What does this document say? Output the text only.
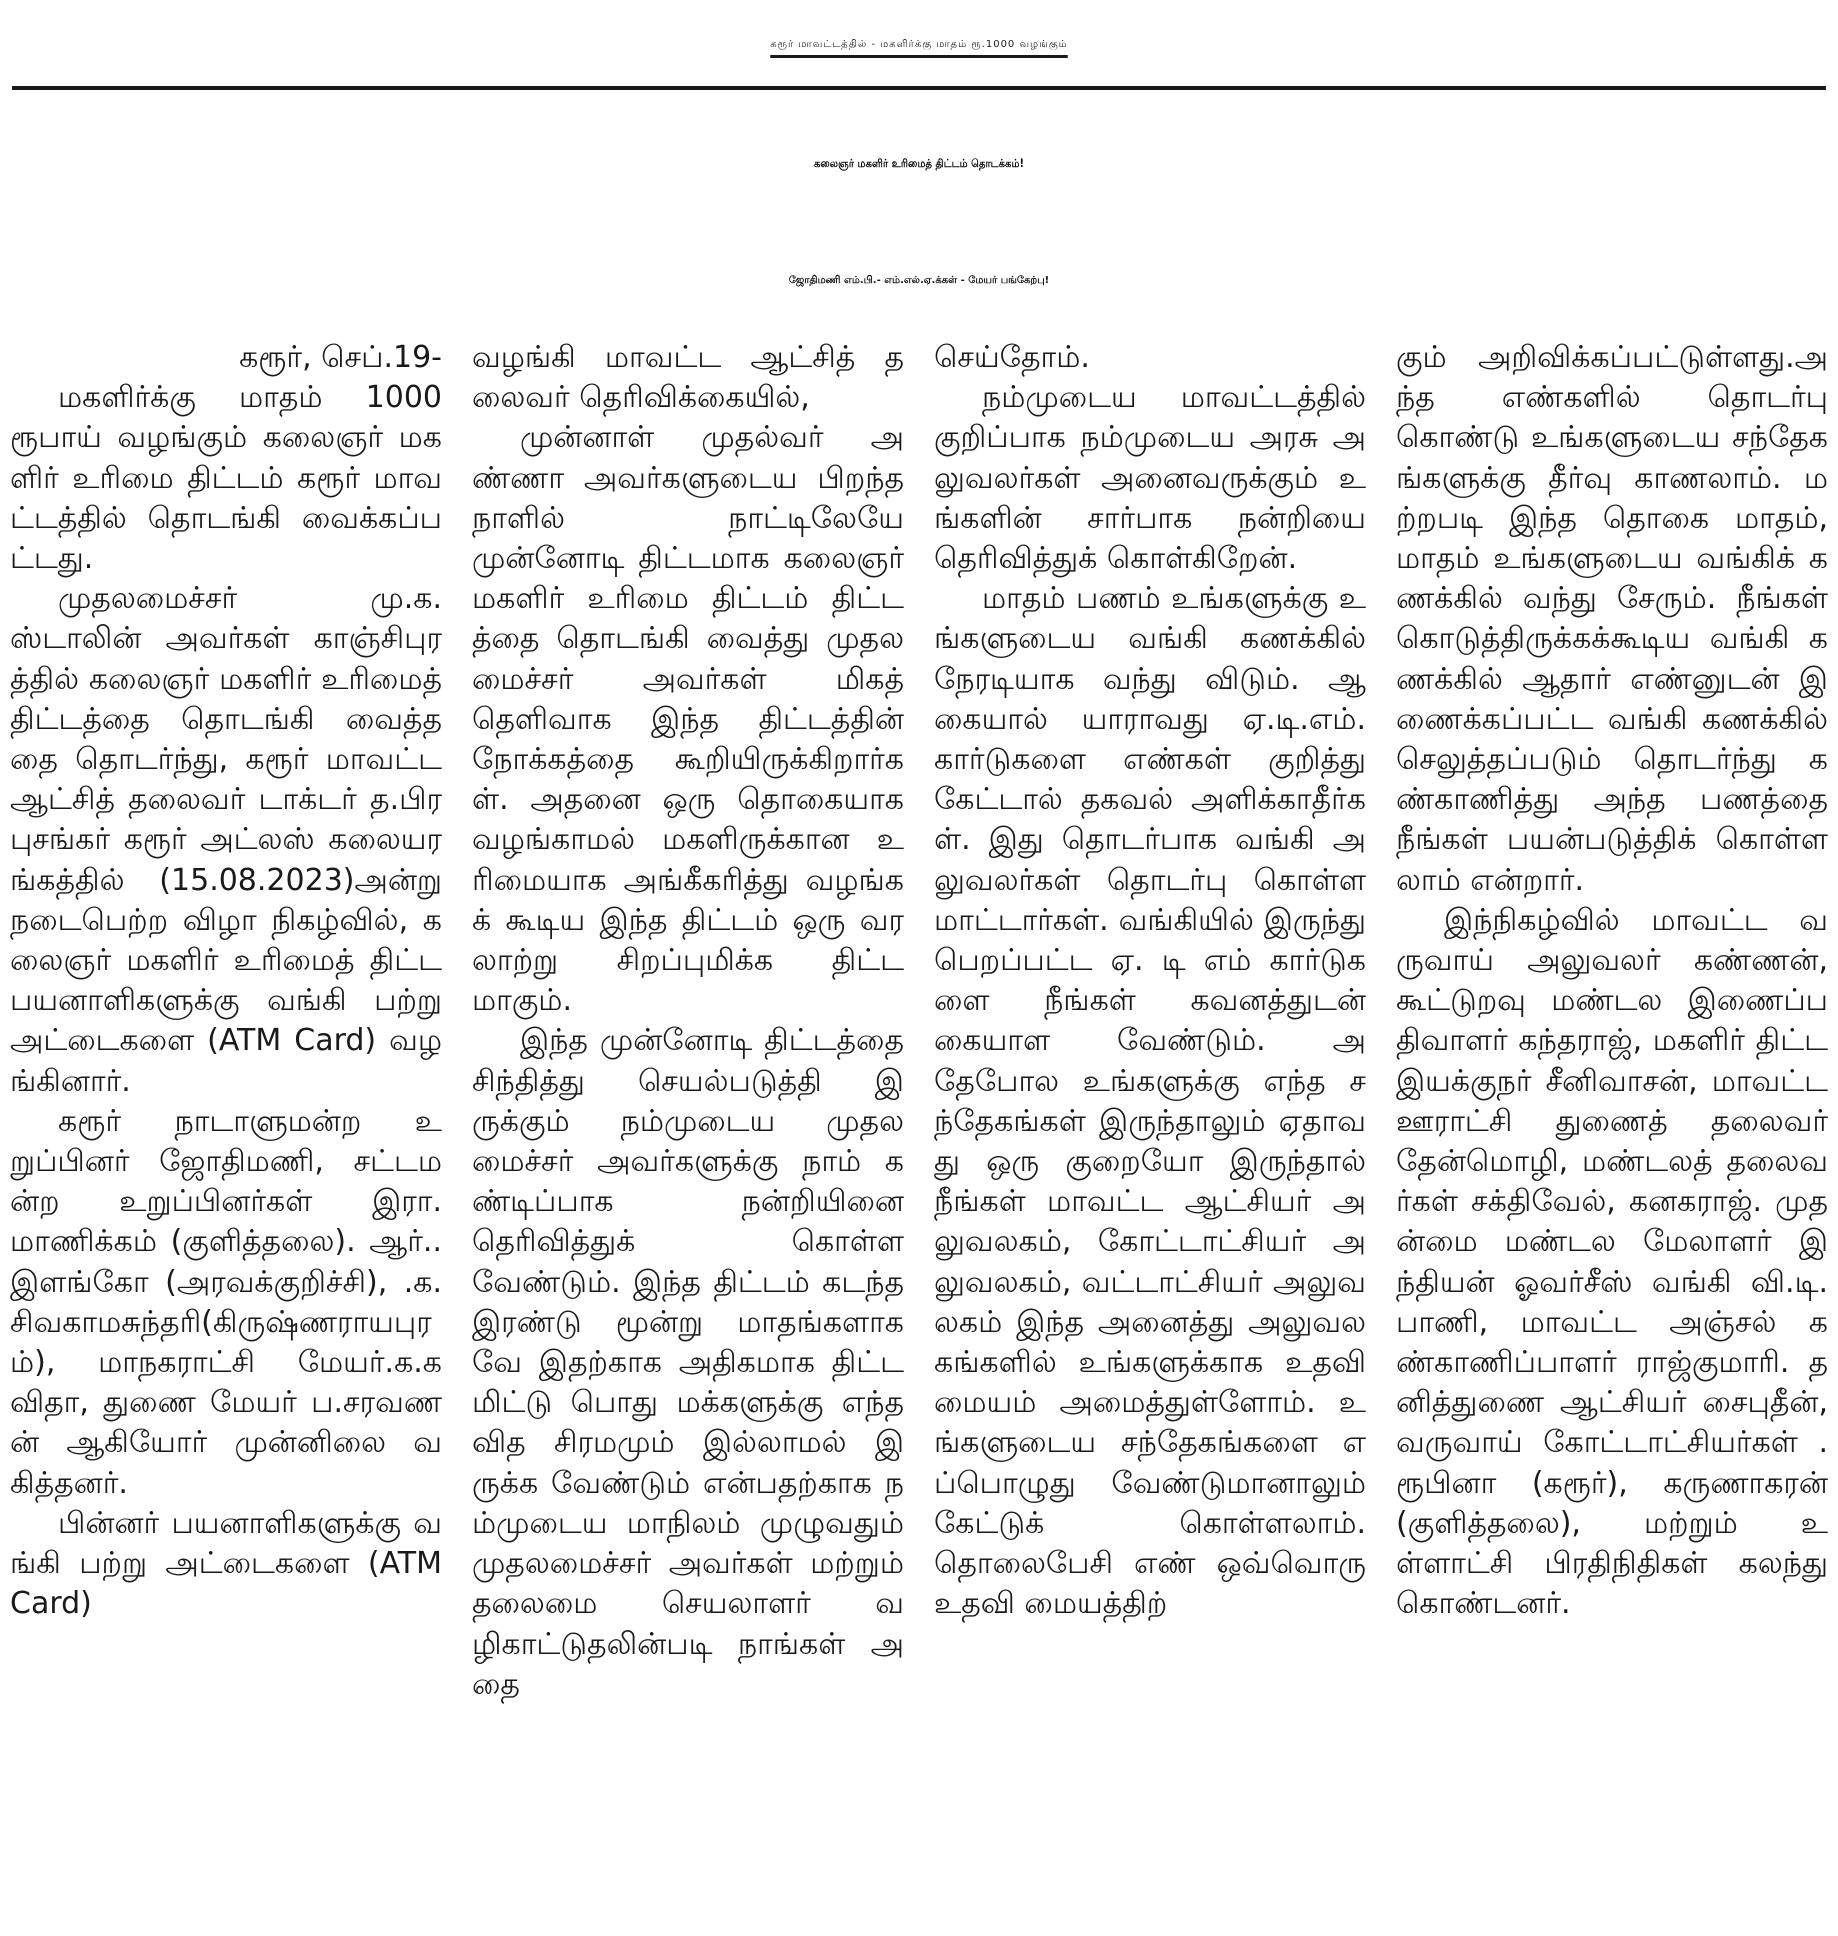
கரூர் மாவட்டத்தில் - மகளிர்க்கு மாதம் ரூ.1000 வழங்கும்
கலைஞர் மகளிர் உரிமைத் திட்டம் தொடக்கம்!
ஜோதிமணி எம்.பி.- எம்.எல்.ஏ.க்கள் - மேயர் பங்கேற்பு!

கரூர், செப்.19-

மகளிர்க்கு மாதம் 1000ரூபாய் வழங்கும் கலைஞர் மகளிர் உரிமை திட்டம் கரூர் மாவட்டத்தில் தொடங்கி வைக்கப்பட்டது.

முதலமைச்சர் மு.க.ஸ்டாலின் அவர்கள் காஞ்சிபுரத்தில் கலைஞர் மகளிர் உரிமைத் திட்டத்தை தொடங்கி வைத்ததை தொடர்ந்து, கரூர் மாவட்ட ஆட்சித் தலைவர் டாக்டர் த.பிரபுசங்கர் கரூர் அட்லஸ் கலையரங்கத்தில் (15.08.2023)அன்று நடைபெற்ற விழா நிகழ்வில், கலைஞர் மகளிர் உரிமைத் திட்ட பயனாளிகளுக்கு வங்கி பற்று அட்டைகளை (ATM Card) வழங்கினார்.

கரூர் நாடாளுமன்ற உறுப்பினர் ஜோதிமணி, சட்டமன்ற உறுப்பினர்கள் இரா.மாணிக்கம் (குளித்தலை). ஆர்.. இளங்கோ (அரவக்குறிச்சி), .க.சிவகாமசுந்தரி(கிருஷ்ணராயபுரம்), மாநகராட்சி மேயர்.க.கவிதா, துணை மேயர் ப.சரவணன் ஆகியோர் முன்னிலை வகித்தனர்.

பின்னர் பயனாளிகளுக்கு வங்கி பற்று அட்டைகளை (ATM Card)

வழங்கி மாவட்ட ஆட்சித் தலைவர் தெரிவிக்கையில்,

முன்னாள் முதல்வர் அண்ணா அவர்களுடைய பிறந்தநாளில் நாட்டிலேயே முன்னோடி திட்டமாக கலைஞர் மகளிர் உரிமை திட்டம் திட்டத்தை தொடங்கி வைத்து முதலமைச்சர் அவர்கள் மிகத் தெளிவாக இந்த திட்டத்தின் நோக்கத்தை கூறியிருக்கிறார்கள். அதனை ஒரு தொகையாக வழங்காமல் மகளிருக்கான உரிமையாக அங்கீகரித்து வழங்கக் கூடிய இந்த திட்டம் ஒரு வரலாற்று சிறப்புமிக்க திட்டமாகும்.

இந்த முன்னோடி திட்டத்தை சிந்தித்து செயல்படுத்தி இருக்கும் நம்முடைய முதலமைச்சர் அவர்களுக்கு நாம் கண்டிப்பாக நன்றியினை தெரிவித்துக் கொள்ள வேண்டும். இந்த திட்டம் கடந்த இரண்டு மூன்று மாதங்களாகவே இதற்காக அதிகமாக திட்டமிட்டு பொது மக்களுக்கு எந்த வித சிரமமும் இல்லாமல் இருக்க வேண்டும் என்பதற்காக நம்முடைய மாநிலம் முழுவதும் முதலமைச்சர் அவர்கள் மற்றும் தலைமை செயலாளர் வழிகாட்டுதலின்படி நாங்கள் அதை

செய்தோம்.

நம்முடைய மாவட்டத்தில் குறிப்பாக நம்முடைய அரசு அலுவலர்கள் அனைவருக்கும் உங்களின் சார்பாக நன்றியை தெரிவித்துக் கொள்கிறேன்.

மாதம் பணம் உங்களுக்கு உங்களுடைய வங்கி கணக்கில் நேரடியாக வந்து விடும். ஆகையால் யாராவது ஏ.டி.எம். கார்டுகளை எண்கள் குறித்து கேட்டால் தகவல் அளிக்காதீர்கள். இது தொடர்பாக வங்கி அலுவலர்கள் தொடர்பு கொள்ள மாட்டார்கள். வங்கியில் இருந்து பெறப்பட்ட ஏ. டி எம் கார்டுகளை நீங்கள் கவனத்துடன் கையாள வேண்டும். அதேபோல உங்களுக்கு எந்த சந்தேகங்கள் இருந்தாலும் ஏதாவது ஒரு குறையோ இருந்தால் நீங்கள் மாவட்ட ஆட்சியர் அலுவலகம், கோட்டாட்சியர் அலுவலகம், வட்டாட்சியர் அலுவலகம் இந்த அனைத்து அலுவலகங்களில் உங்களுக்காக உதவி மையம் அமைத்துள்ளோம். உங்களுடைய சந்தேகங்களை எப்பொழுது வேண்டுமானாலும் கேட்டுக் கொள்ளலாம். தொலைபேசி எண் ஒவ்வொரு உதவி மையத்திற்

கும் அறிவிக்கப்பட்டுள்ளது.அந்த எண்களில் தொடர்பு கொண்டு உங்களுடைய சந்தேகங்களுக்கு தீர்வு காணலாம். மற்றபடி இந்த தொகை மாதம், மாதம் உங்களுடைய வங்கிக் கணக்கில் வந்து சேரும். நீங்கள் கொடுத்திருக்கக்கூடிய வங்கி கணக்கில் ஆதார் எண்னுடன் இணைக்கப்பட்ட வங்கி கணக்கில் செலுத்தப்படும் தொடர்ந்து கண்காணித்து அந்த பணத்தை நீங்கள் பயன்படுத்திக் கொள்ளலாம் என்றார்.

இந்நிகழ்வில் மாவட்ட வருவாய் அலுவலர் கண்ணன், கூட்டுறவு மண்டல இணைப்பதிவாளர் கந்தராஜ், மகளிர் திட்ட இயக்குநர் சீனிவாசன், மாவட்ட ஊராட்சி துணைத் தலைவர் தேன்மொழி, மண்டலத் தலைவர்கள் சக்திவேல், கனகராஜ். முதன்மை மண்டல மேலாளர் இந்தியன் ஓவர்சீஸ் வங்கி வி.டி.பாணி, மாவட்ட அஞ்சல் கண்காணிப்பாளர் ராஜ்குமாரி. தனித்துணை ஆட்சியர் சைபுதீன், வருவாய் கோட்டாட்சியர்கள் .ரூபினா (கரூர்), கருணாகரன் (குளித்தலை), மற்றும் உள்ளாட்சி பிரதிநிதிகள் கலந்து கொண்டனர்.
